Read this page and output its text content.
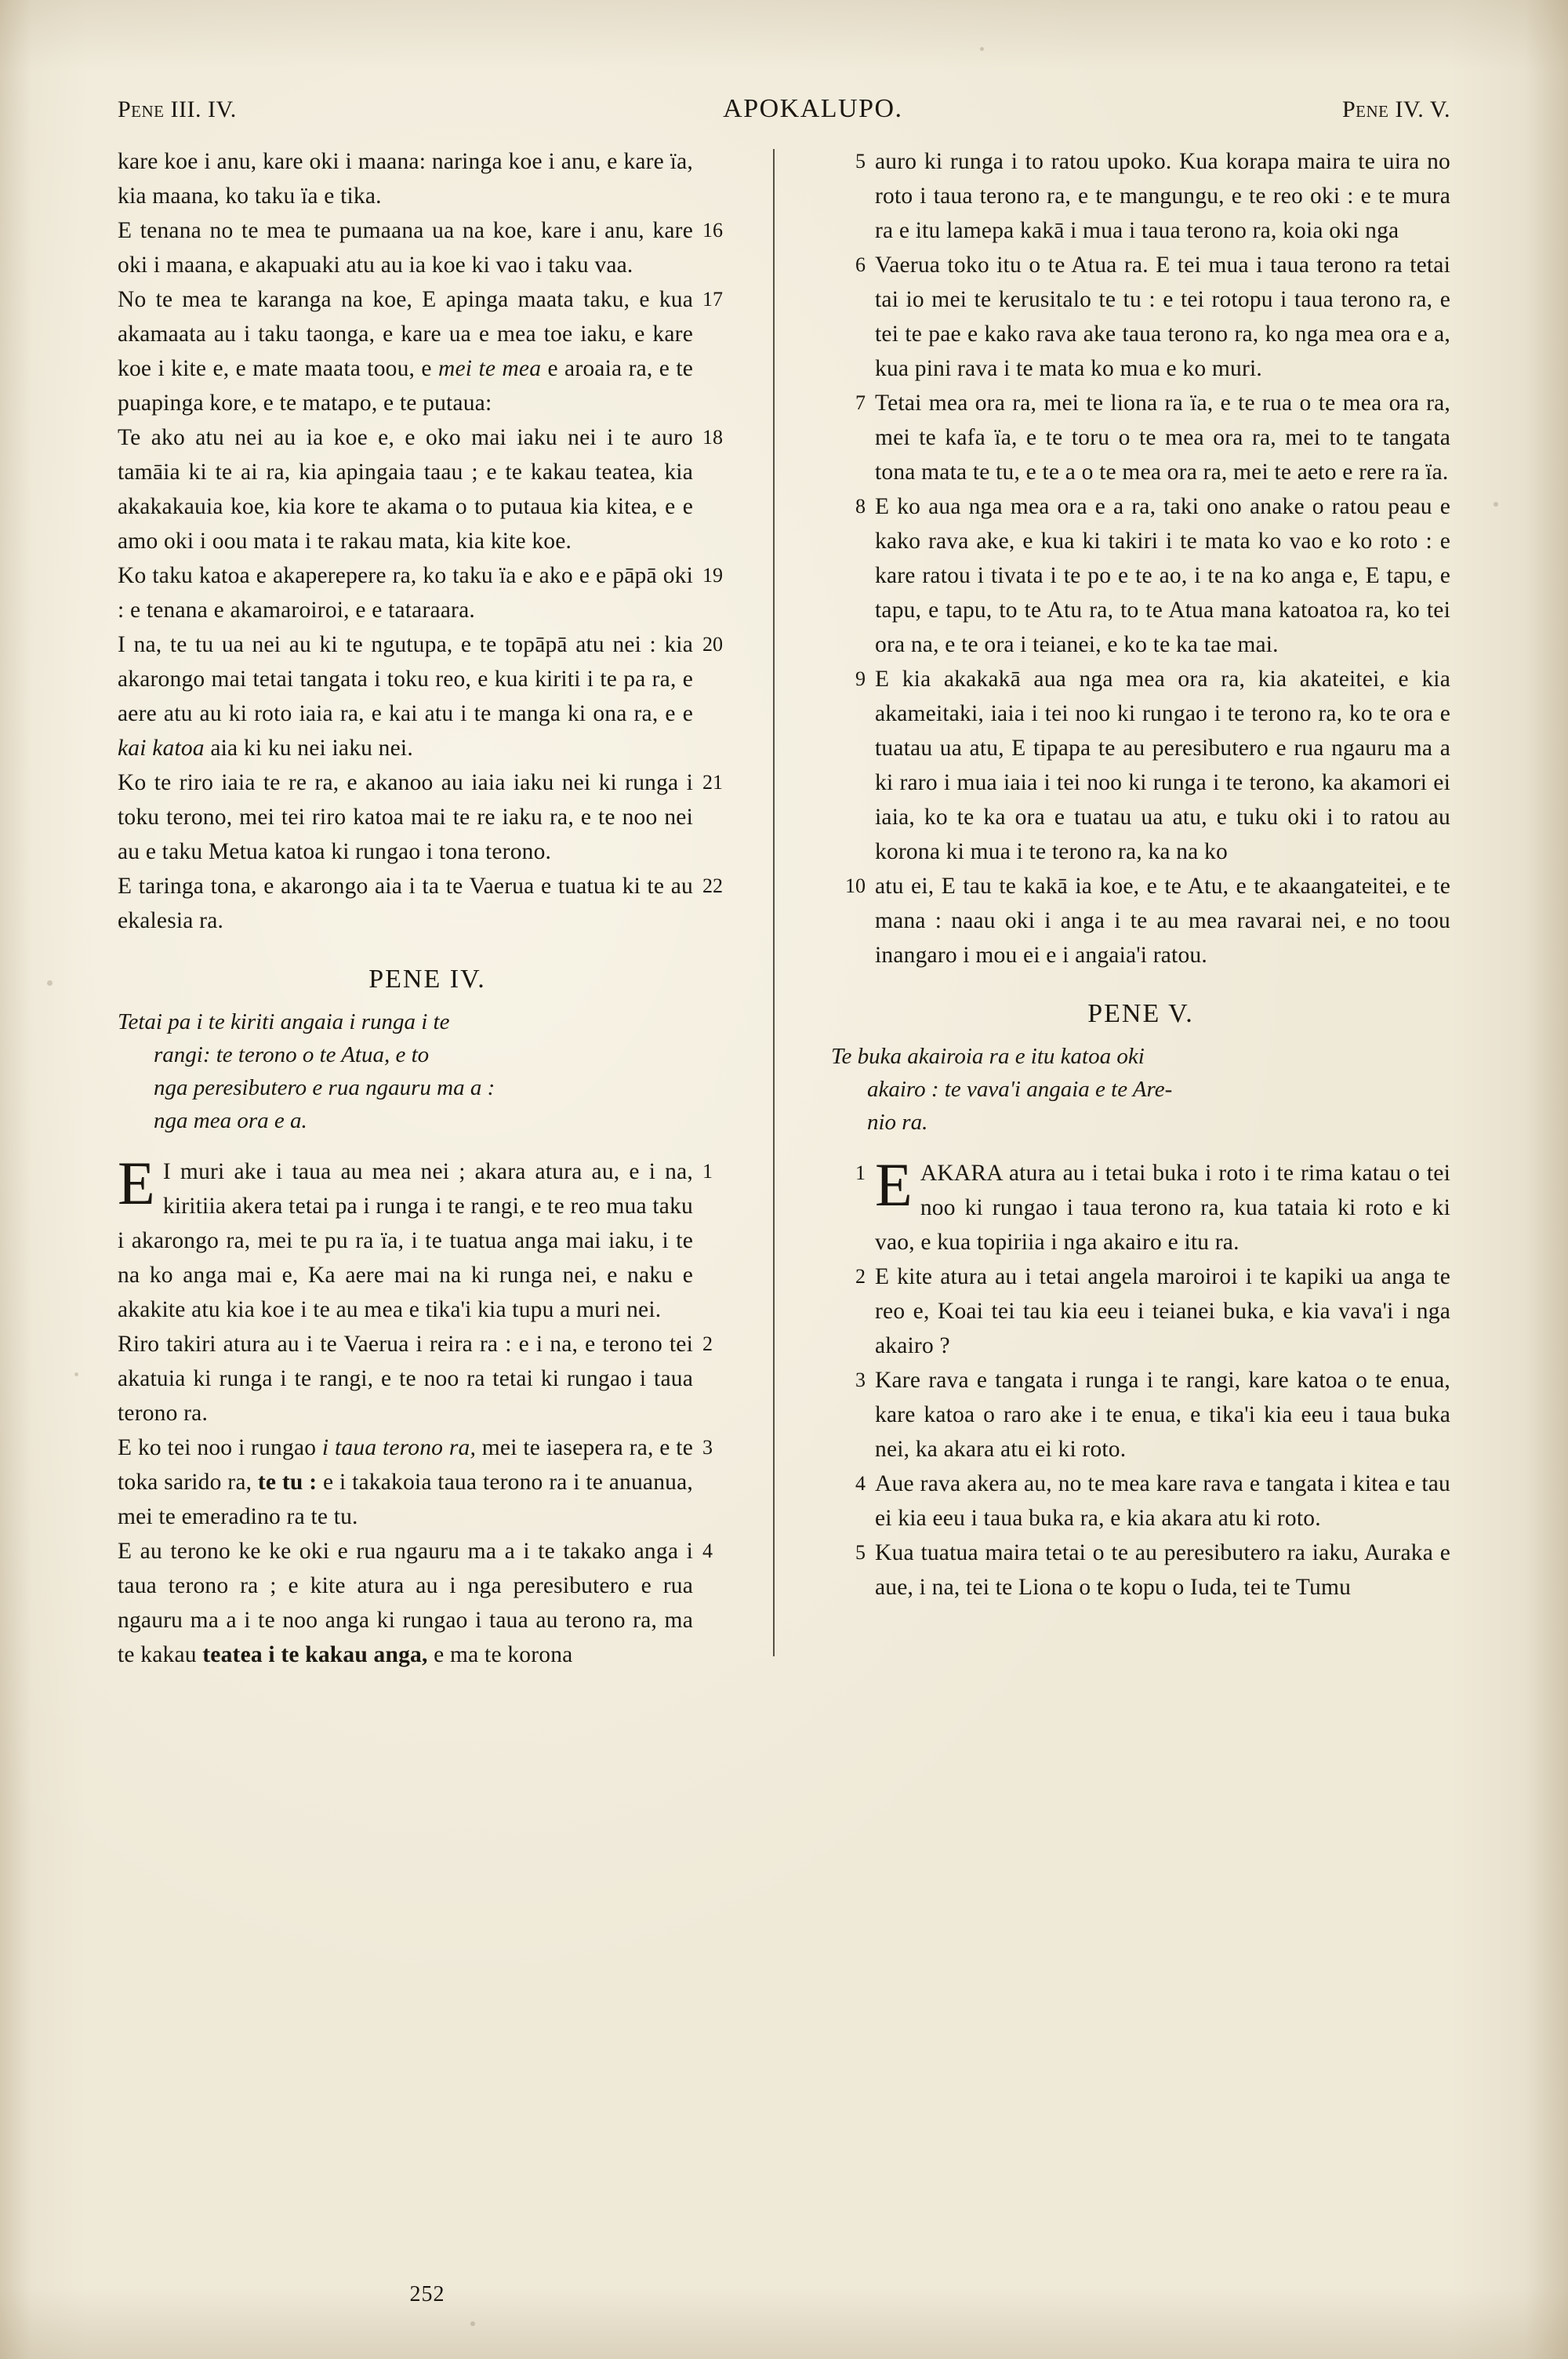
Pene III. IV.	APOKALUPO.	Pene IV. V.
kare koe i anu, kare oki i maana: naringa koe i anu, e kare ïa, kia maana, ko taku ïa e tika.
16
E tenana no te mea te pumaana ua na koe, kare i anu, kare oki i maana, e akapuaki atu au ia koe ki vao i taku vaa.
17
No te mea te karanga na koe, E apinga maata taku, e kua akamaata au i taku taonga, e kare ua e mea toe iaku, e kare koe i kite e, e mate maata toou, e mei te mea e aroaia ra, e te puapinga kore, e te matapo, e te putaua:
18
Te ako atu nei au ia koe e, e oko mai iaku nei i te auro tamāia ki te ai ra, kia apingaia taau ; e te kakau teatea, kia akakakauia koe, kia kore te akama o to putaua kia kitea, e e amo oki i oou mata i te rakau mata, kia kite koe.
19
Ko taku katoa e akaperepere ra, ko taku ïa e ako e e pāpā oki : e tenana e akamaroiroi, e e tataraara.
20
I na, te tu ua nei au ki te ngutupa, e te topāpā atu nei : kia akarongo mai tetai tangata i toku reo, e kua kiriti i te pa ra, e aere atu au ki roto iaia ra, e kai atu i te manga ki ona ra, e e kai katoa aia ki ku nei iaku nei.
21
Ko te riro iaia te re ra, e akanoo au iaia iaku nei ki runga i toku terono, mei tei riro katoa mai te re iaku ra, e te noo nei au e taku Metua katoa ki rungao i tona terono.
22
E taringa tona, e akarongo aia i ta te Vaerua e tuatua ki te au ekalesia ra.
PENE IV.
Tetai pa i te kiriti angaia i runga i te

rangi: te terono o te Atua, e to
nga peresibutero e rua ngauru ma a :
nga mea ora e a.
1
E I muri ake i taua au mea nei ; akara atura au, e i na, kiritiia akera tetai pa i runga i te rangi, e te reo mua taku i akarongo ra, mei te pu ra ïa, i te tuatua anga mai iaku, i te na ko anga mai e, Ka aere mai na ki runga nei, e naku e akakite atu kia koe i te au mea e tika'i kia tupu a muri nei.
2
Riro takiri atura au i te Vaerua i reira ra : e i na, e terono tei akatuia ki runga i te rangi, e te noo ra tetai ki rungao i taua terono ra.
3
E ko tei noo i rungao i taua terono ra, mei te iasepera ra, e te toka sarido ra, te tu : e i takakoia taua terono ra i te anuanua, mei te emeradino ra te tu.
4
E au terono ke ke oki e rua ngauru ma a i te takako anga i taua terono ra ; e kite atura au i nga peresibutero e rua ngauru ma a i te noo anga ki rungao i taua au terono ra, ma te kakau teatea i te kakau anga, e ma te korona
5 auro ki runga i to ratou upoko. Kua korapa maira te uira no roto i taua terono ra, e te mangungu, e te reo oki : e te mura ra e itu lamepa kakā i mua i taua terono ra, koia oki nga
6 Vaerua toko itu o te Atua ra. E tei mua i taua terono ra tetai tai io mei te kerusitalo te tu : e tei rotopu i taua terono ra, e tei te pae e kako rava ake taua terono ra, ko nga mea ora e a, kua pini rava i te mata ko mua e ko muri.
7 Tetai mea ora ra, mei te liona ra ïa, e te rua o te mea ora ra, mei te kafa ïa, e te toru o te mea ora ra, mei to te tangata tona mata te tu, e te a o te mea ora ra, mei te aeto e rere ra ïa.
8 E ko aua nga mea ora e a ra, taki ono anake o ratou peau e kako rava ake, e kua ki takiri i te mata ko vao e ko roto : e kare ratou i tivata i te po e te ao, i te na ko anga e, E tapu, e tapu, e tapu, to te Atu ra, to te Atua mana katoatoa ra, ko tei ora na, e te ora i teianei, e ko te ka tae mai.
9 E kia akakakā aua nga mea ora ra, kia akateitei, e kia akameitaki, iaia i tei noo ki rungao i te terono ra, ko te ora e tuatau ua atu, E tipapa te au peresibutero e rua ngauru ma a ki raro i mua iaia i tei noo ki runga i te terono, ka akamori ei iaia, ko te ka ora e tuatau ua atu, e tuku oki i to ratou au korona ki mua i te terono ra, ka na ko
10 atu ei, E tau te kakā ia koe, e te Atu, e te akaangateitei, e te mana : naau oki i anga i te au mea ravarai nei, e no toou inangaro i mou ei e i angaia'i ratou.
PENE V.
Te buka akairoia ra e itu katoa oki

akairo : te vava'i angaia e te Are-
nio ra.
1 EAKARA atura au i tetai buka i roto i te rima katau o tei noo ki rungao i taua terono ra, kua tataia ki roto e ki vao, e kua topiriia i nga akairo e itu ra.
2 E kite atura au i tetai angela maroiroi i te kapiki ua anga te reo e, Koai tei tau kia eeu i teianei buka, e kia vava'i i nga akairo ?
3 Kare rava e tangata i runga i te rangi, kare katoa o te enua, kare katoa o raro ake i te enua, e tika'i kia eeu i taua buka nei, ka akara atu ei ki roto.
4 Aue rava akera au, no te mea kare rava e tangata i kitea e tau ei kia eeu i taua buka ra, e kia akara atu ki roto.
5 Kua tuatua maira tetai o te au peresibutero ra iaku, Auraka e aue, i na, tei te Liona o te kopu o Iuda, tei te Tumu
252
